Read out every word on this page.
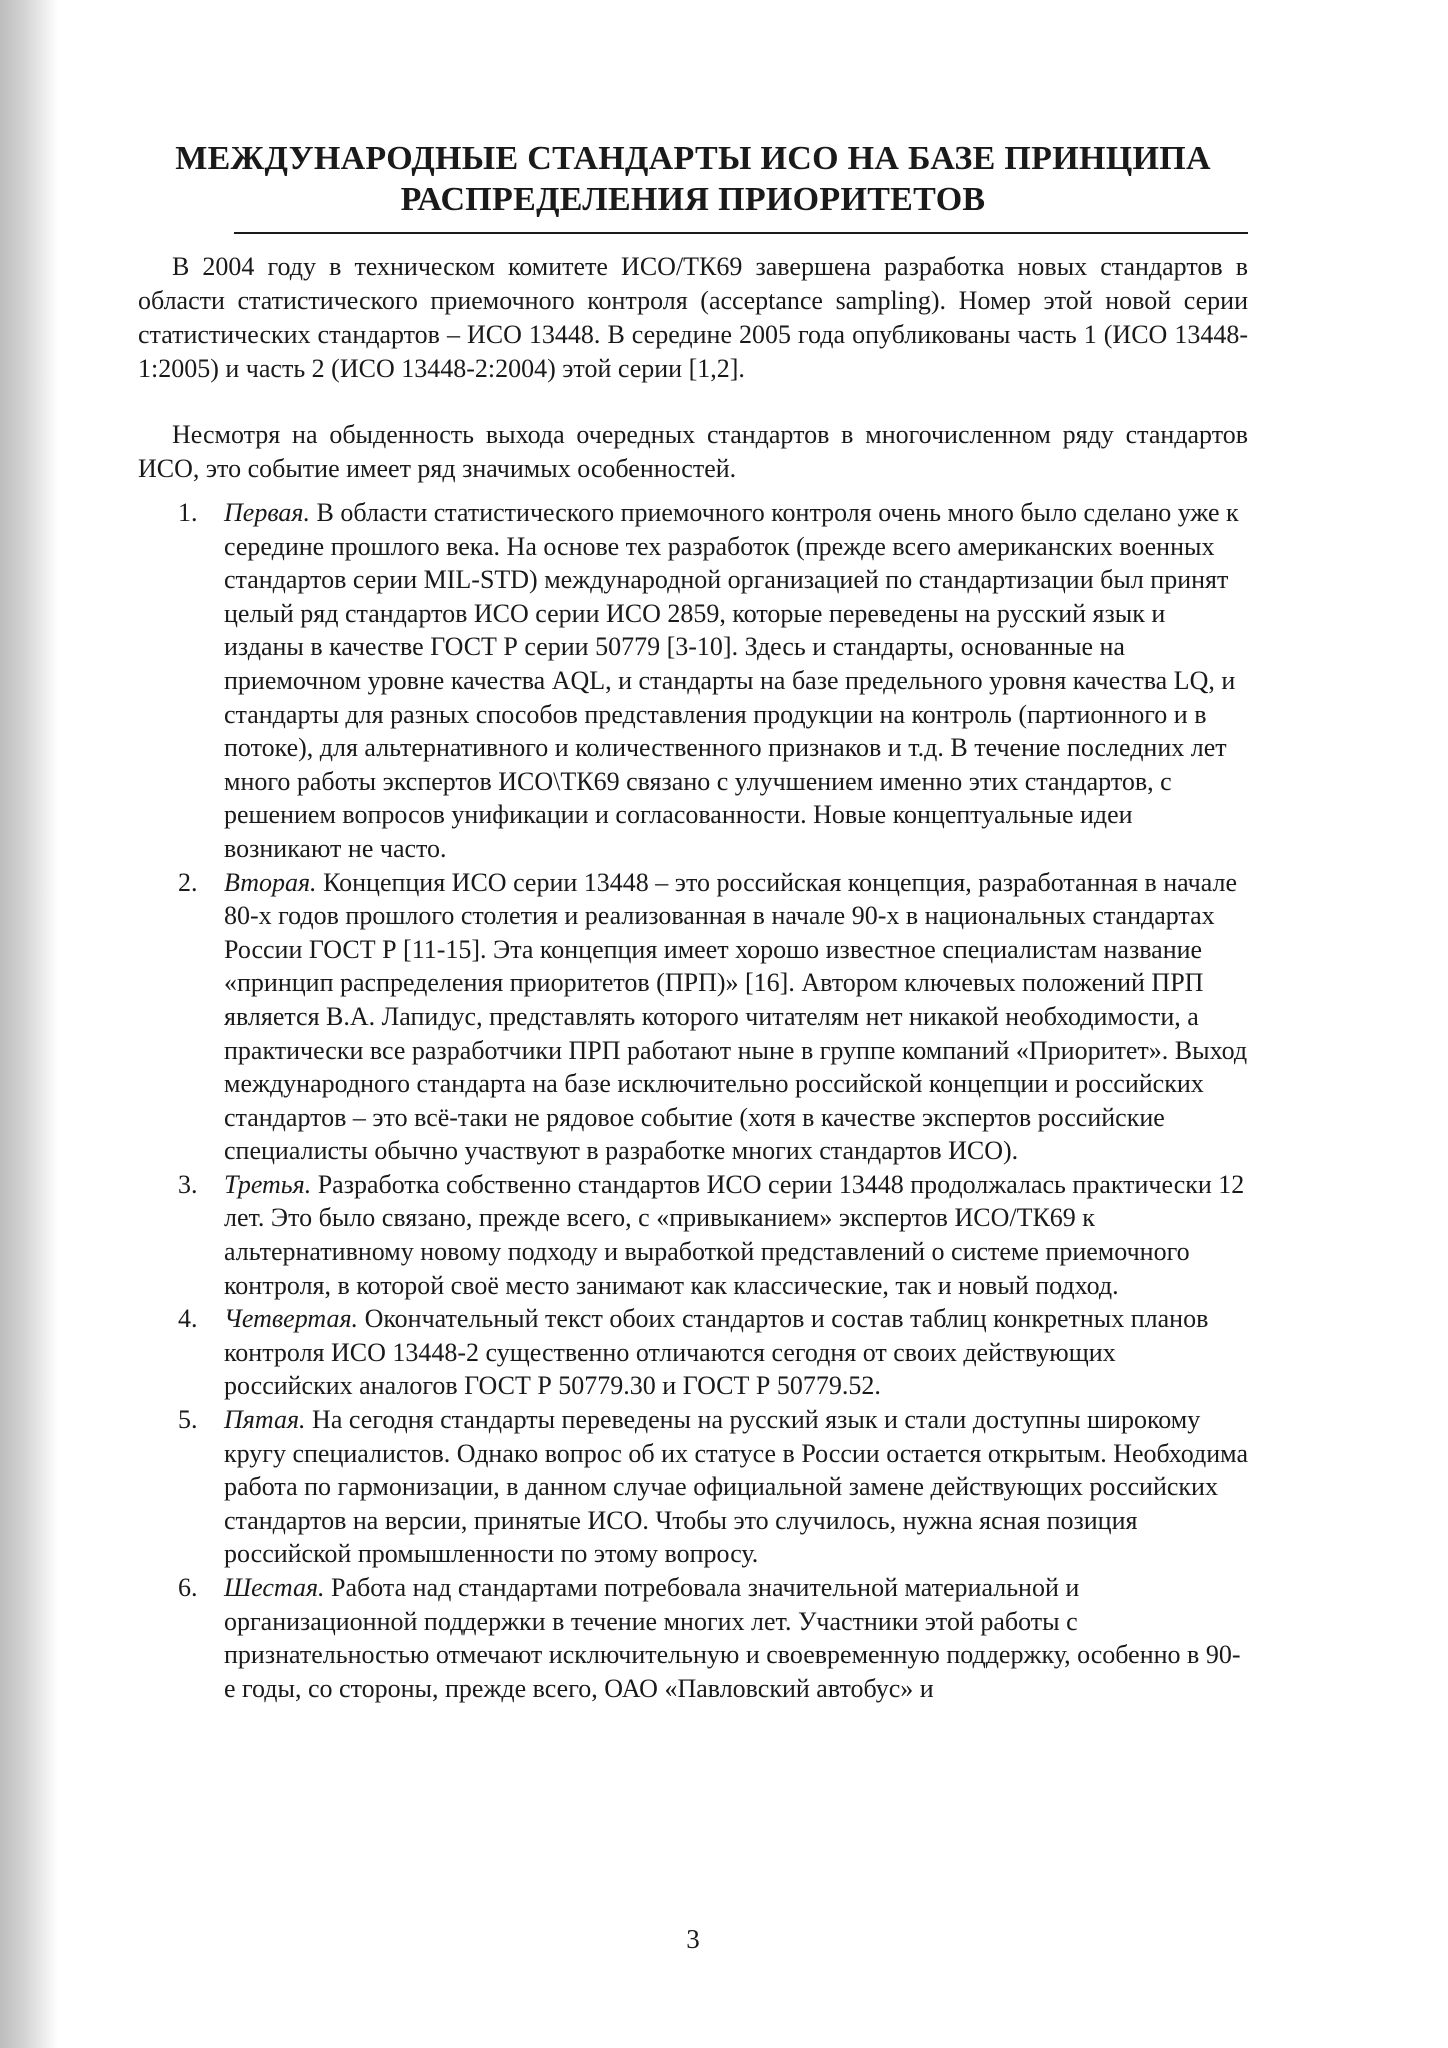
МЕЖДУНАРОДНЫЕ СТАНДАРТЫ ИСО НА БАЗЕ ПРИНЦИПА
РАСПРЕДЕЛЕНИЯ ПРИОРИТЕТОВ

В 2004 году в техническом комитете ИСО/ТК69 завершена разработка новых стандартов в области статистического приемочного контроля (acceptance sampling). Номер этой новой серии статистических стандартов – ИСО 13448. В середине 2005 года опубликованы часть 1 (ИСО 13448-1:2005) и часть 2 (ИСО 13448-2:2004) этой серии [1,2].

Несмотря на обыденность выхода очередных стандартов в многочисленном ряду стандартов ИСО, это событие имеет ряд значимых особенностей.

1. Первая. В области статистического приемочного контроля очень много было сделано уже к середине прошлого века. На основе тех разработок (прежде всего американских военных стандартов серии MIL-STD) международной организацией по стандартизации был принят целый ряд стандартов ИСО серии ИСО 2859, которые переведены на русский язык и изданы в качестве ГОСТ Р серии 50779 [3-10]. Здесь и стандарты, основанные на приемочном уровне качества AQL, и стандарты на базе предельного уровня качества LQ, и стандарты для разных способов представления продукции на контроль (партионного и в потоке), для альтернативного и количественного признаков и т.д. В течение последних лет много работы экспертов ИСО\ТК69 связано с улучшением именно этих стандартов, с решением вопросов унификации и согласованности. Новые концептуальные идеи возникают не часто.
2. Вторая. Концепция ИСО серии 13448 – это российская концепция, разработанная в начале 80-х годов прошлого столетия и реализованная в начале 90-х в национальных стандартах России ГОСТ Р [11-15]. Эта концепция имеет хорошо известное специалистам название «принцип распределения приоритетов (ПРП)» [16]. Автором ключевых положений ПРП является В.А. Лапидус, представлять которого читателям нет никакой необходимости, а практически все разработчики ПРП работают ныне в группе компаний «Приоритет». Выход международного стандарта на базе исключительно российской концепции и российских стандартов – это всё-таки не рядовое событие (хотя в качестве экспертов российские специалисты обычно участвуют в разработке многих стандартов ИСО).
3. Третья. Разработка собственно стандартов ИСО серии 13448 продолжалась практически 12 лет. Это было связано, прежде всего, с «привыканием» экспертов ИСО/ТК69 к альтернативному новому подходу и выработкой представлений о системе приемочного контроля, в которой своё место занимают как классические, так и новый подход.
4. Четвертая. Окончательный текст обоих стандартов и состав таблиц конкретных планов контроля ИСО 13448-2 существенно отличаются сегодня от своих действующих российских аналогов ГОСТ Р 50779.30 и ГОСТ Р 50779.52.
5. Пятая. На сегодня стандарты переведены на русский язык и стали доступны широкому кругу специалистов. Однако вопрос об их статусе в России остается открытым. Необходима работа по гармонизации, в данном случае официальной замене действующих российских стандартов на версии, принятые ИСО. Чтобы это случилось, нужна ясная позиция российской промышленности по этому вопросу.
6. Шестая. Работа над стандартами потребовала значительной материальной и организационной поддержки в течение многих лет. Участники этой работы с признательностью отмечают исключительную и своевременную поддержку, особенно в 90-е годы, со стороны, прежде всего, ОАО «Павловский автобус» и
3
